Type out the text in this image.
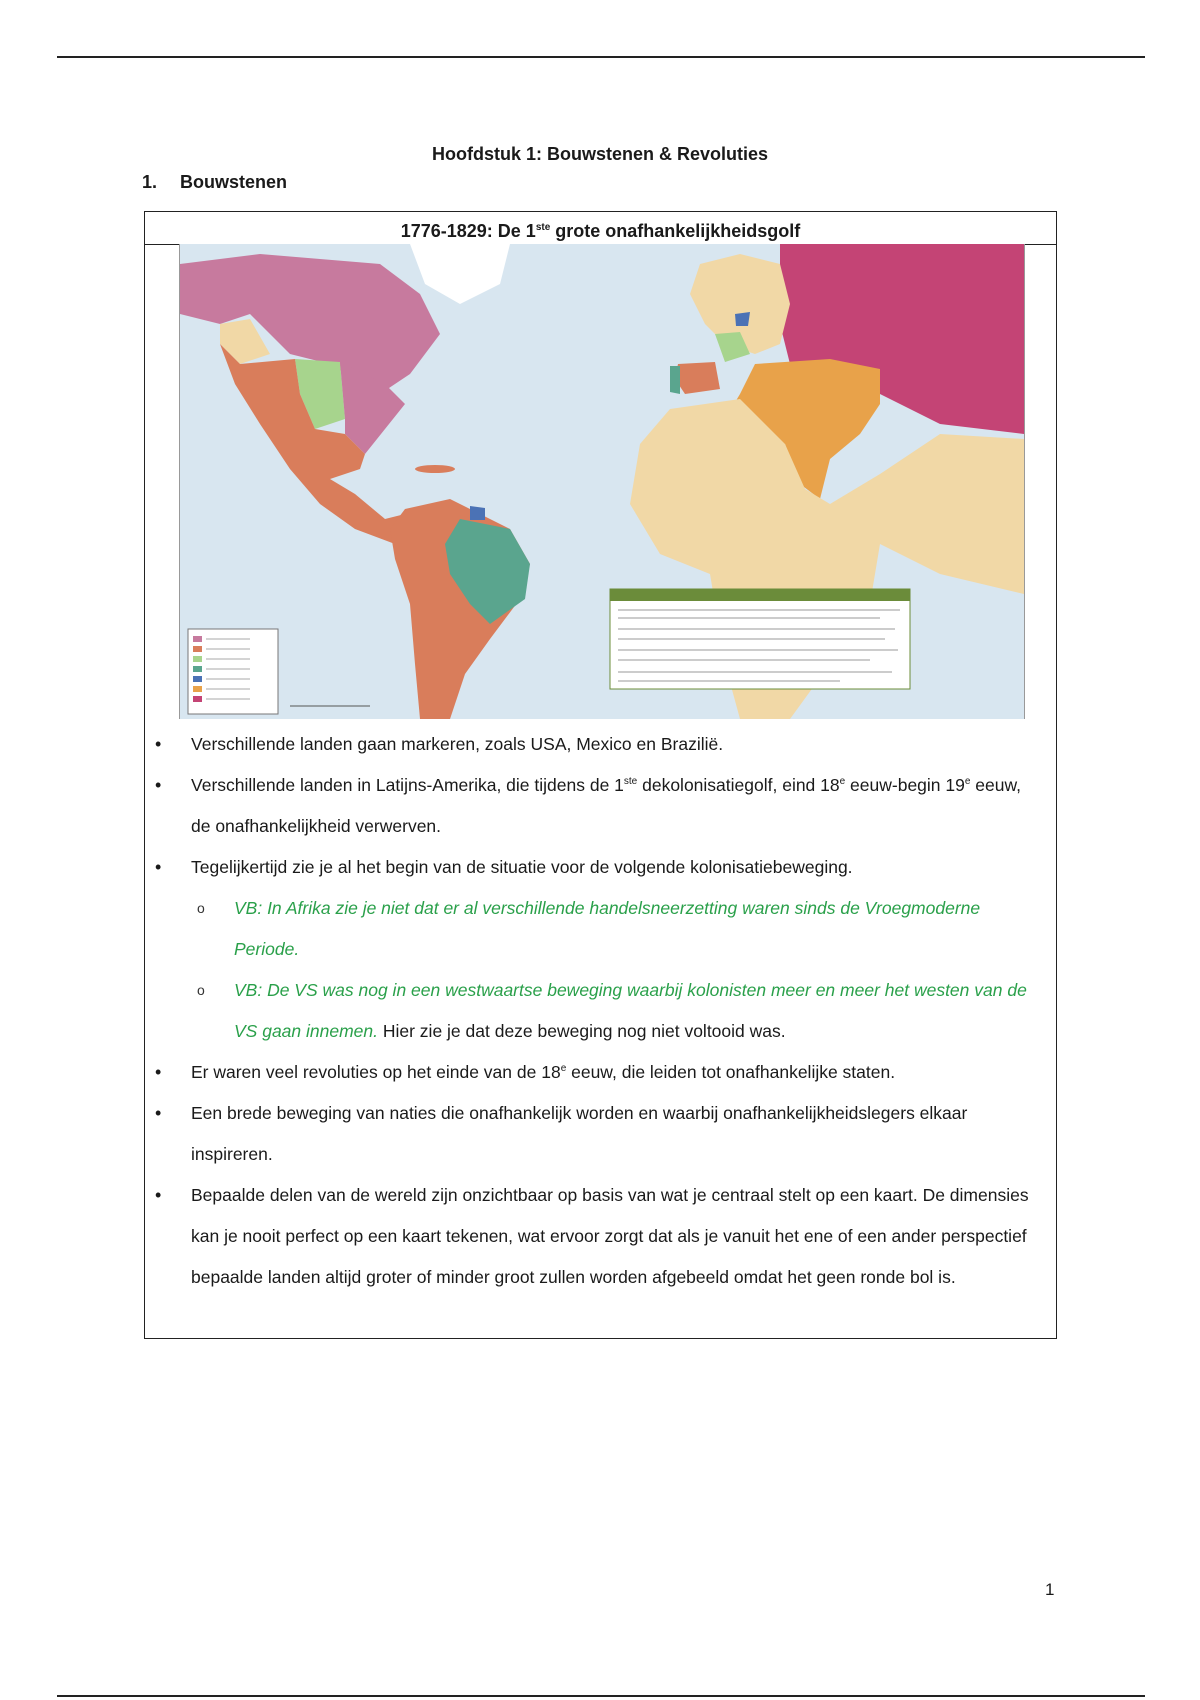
Hoofdstuk 1: Bouwstenen & Revoluties
1. Bouwstenen
1776-1829: De 1ste grote onafhankelijkheidsgolf
• Verschillende landen gaan markeren, zoals USA, Mexico en Brazilië.
• Verschillende landen in Latijns-Amerika, die tijdens de 1ste dekolonisatiegolf, eind 18e eeuw-begin 19e eeuw, de onafhankelijkheid verwerven.
• Tegelijkertijd zie je al het begin van de situatie voor de volgende kolonisatiebeweging.
o VB: In Afrika zie je niet dat er al verschillende handelsneerzetting waren sinds de Vroegmoderne Periode.
o VB: De VS was nog in een westwaartse beweging waarbij kolonisten meer en meer het westen van de VS gaan innemen. Hier zie je dat deze beweging nog niet voltooid was.
• Er waren veel revoluties op het einde van de 18e eeuw, die leiden tot onafhankelijke staten.
• Een brede beweging van naties die onafhankelijk worden en waarbij onafhankelijkheidslegers elkaar inspireren.
• Bepaalde delen van de wereld zijn onzichtbaar op basis van wat je centraal stelt op een kaart. De dimensies kan je nooit perfect op een kaart tekenen, wat ervoor zorgt dat als je vanuit het ene of een ander perspectief bepaalde landen altijd groter of minder groot zullen worden afgebeeld omdat het geen ronde bol is.
1
